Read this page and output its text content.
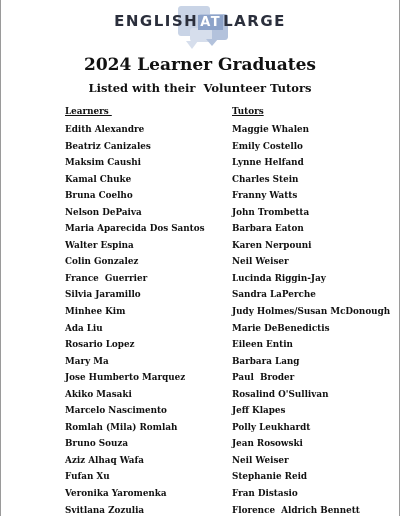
ENGLISH AT LARGE
2024 Learner Graduates
Listed with their  Volunteer Tutors
Learners
Edith Alexandre
Beatriz Canizales
Maksim Caushi
Kamal Chuke
Bruna Coelho
Nelson DePaiva
Maria Aparecida Dos Santos
Walter Espina
Colin Gonzalez
France  Guerrier
Silvia Jaramillo
Minhee Kim
Ada Liu
Rosario Lopez
Mary Ma
Jose Humberto Marquez
Akiko Masaki
Marcelo Nascimento
Romlah (Mila) Romlah
Bruno Souza
Aziz Alhaq Wafa
Fufan Xu
Veronika Yaromenka
Svitlana Zozulia
Tutors
Maggie Whalen
Emily Costello
Lynne Helfand
Charles Stein
Franny Watts
John Trombetta
Barbara Eaton
Karen Nerpouni
Neil Weiser
Lucinda Riggin-Jay
Sandra LaPerche
Judy Holmes/Susan McDonough
Marie DeBenedictis
Eileen Entin
Barbara Lang
Paul  Broder
Rosalind O'Sullivan
Jeff Klapes
Polly Leukhardt
Jean Rosowski
Neil Weiser
Stephanie Reid
Fran Distasio
Florence  Aldrich Bennett
